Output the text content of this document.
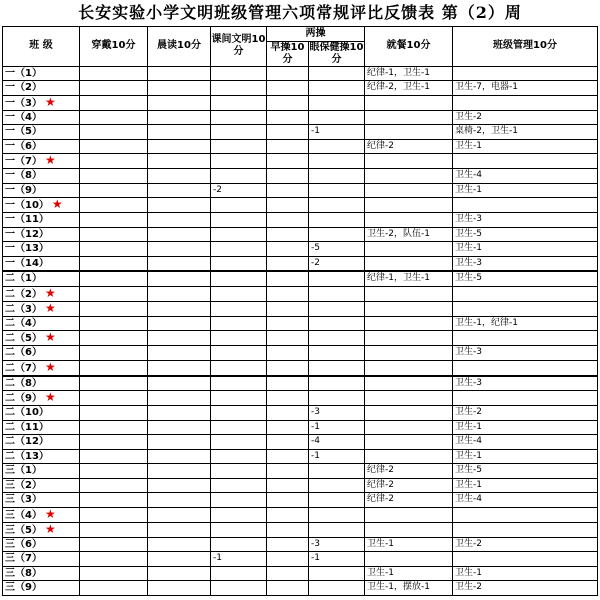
长安实验小学文明班级管理六项常规评比反馈表 第（2）周
班 级	穿戴10分	晨读10分	课间文明10分	两操		就餐10分	班级管理10分
				早操10分	眼保健操10分		
一（1）						纪律-1，卫生-1	
一（2）						纪律-2，卫生-1	卫生-7，电器-1
一（3） ★							
一（4）							卫生-2
一（5）					-1		桌椅-2，卫生-1
一（6）						纪律-2	卫生-1
一（7） ★							
一（8）							卫生-4
一（9）			-2				卫生-1
一（10） ★							
一（11）							卫生-3
一（12）						卫生-2，队伍-1	卫生-5
一（13）					-5		卫生-1
一（14）					-2		卫生-3
二（1）						纪律-1，卫生-1	卫生-5
二（2） ★							
二（3） ★							
二（4）							卫生-1，纪律-1
二（5） ★							
二（6）							卫生-3
二（7） ★							
二（8）							卫生-3
二（9） ★							
二（10）					-3		卫生-2
二（11）					-1		卫生-1
二（12）					-4		卫生-4
二（13）					-1		卫生-1
三（1）						纪律-2	卫生-5
三（2）						纪律-2	卫生-1
三（3）						纪律-2	卫生-4
三（4） ★							
三（5） ★							
三（6）					-3	卫生-1	卫生-2
三（7）			-1		-1		
三（8）						卫生-1	卫生-1
三（9）						卫生-1，摆放-1	卫生-2
